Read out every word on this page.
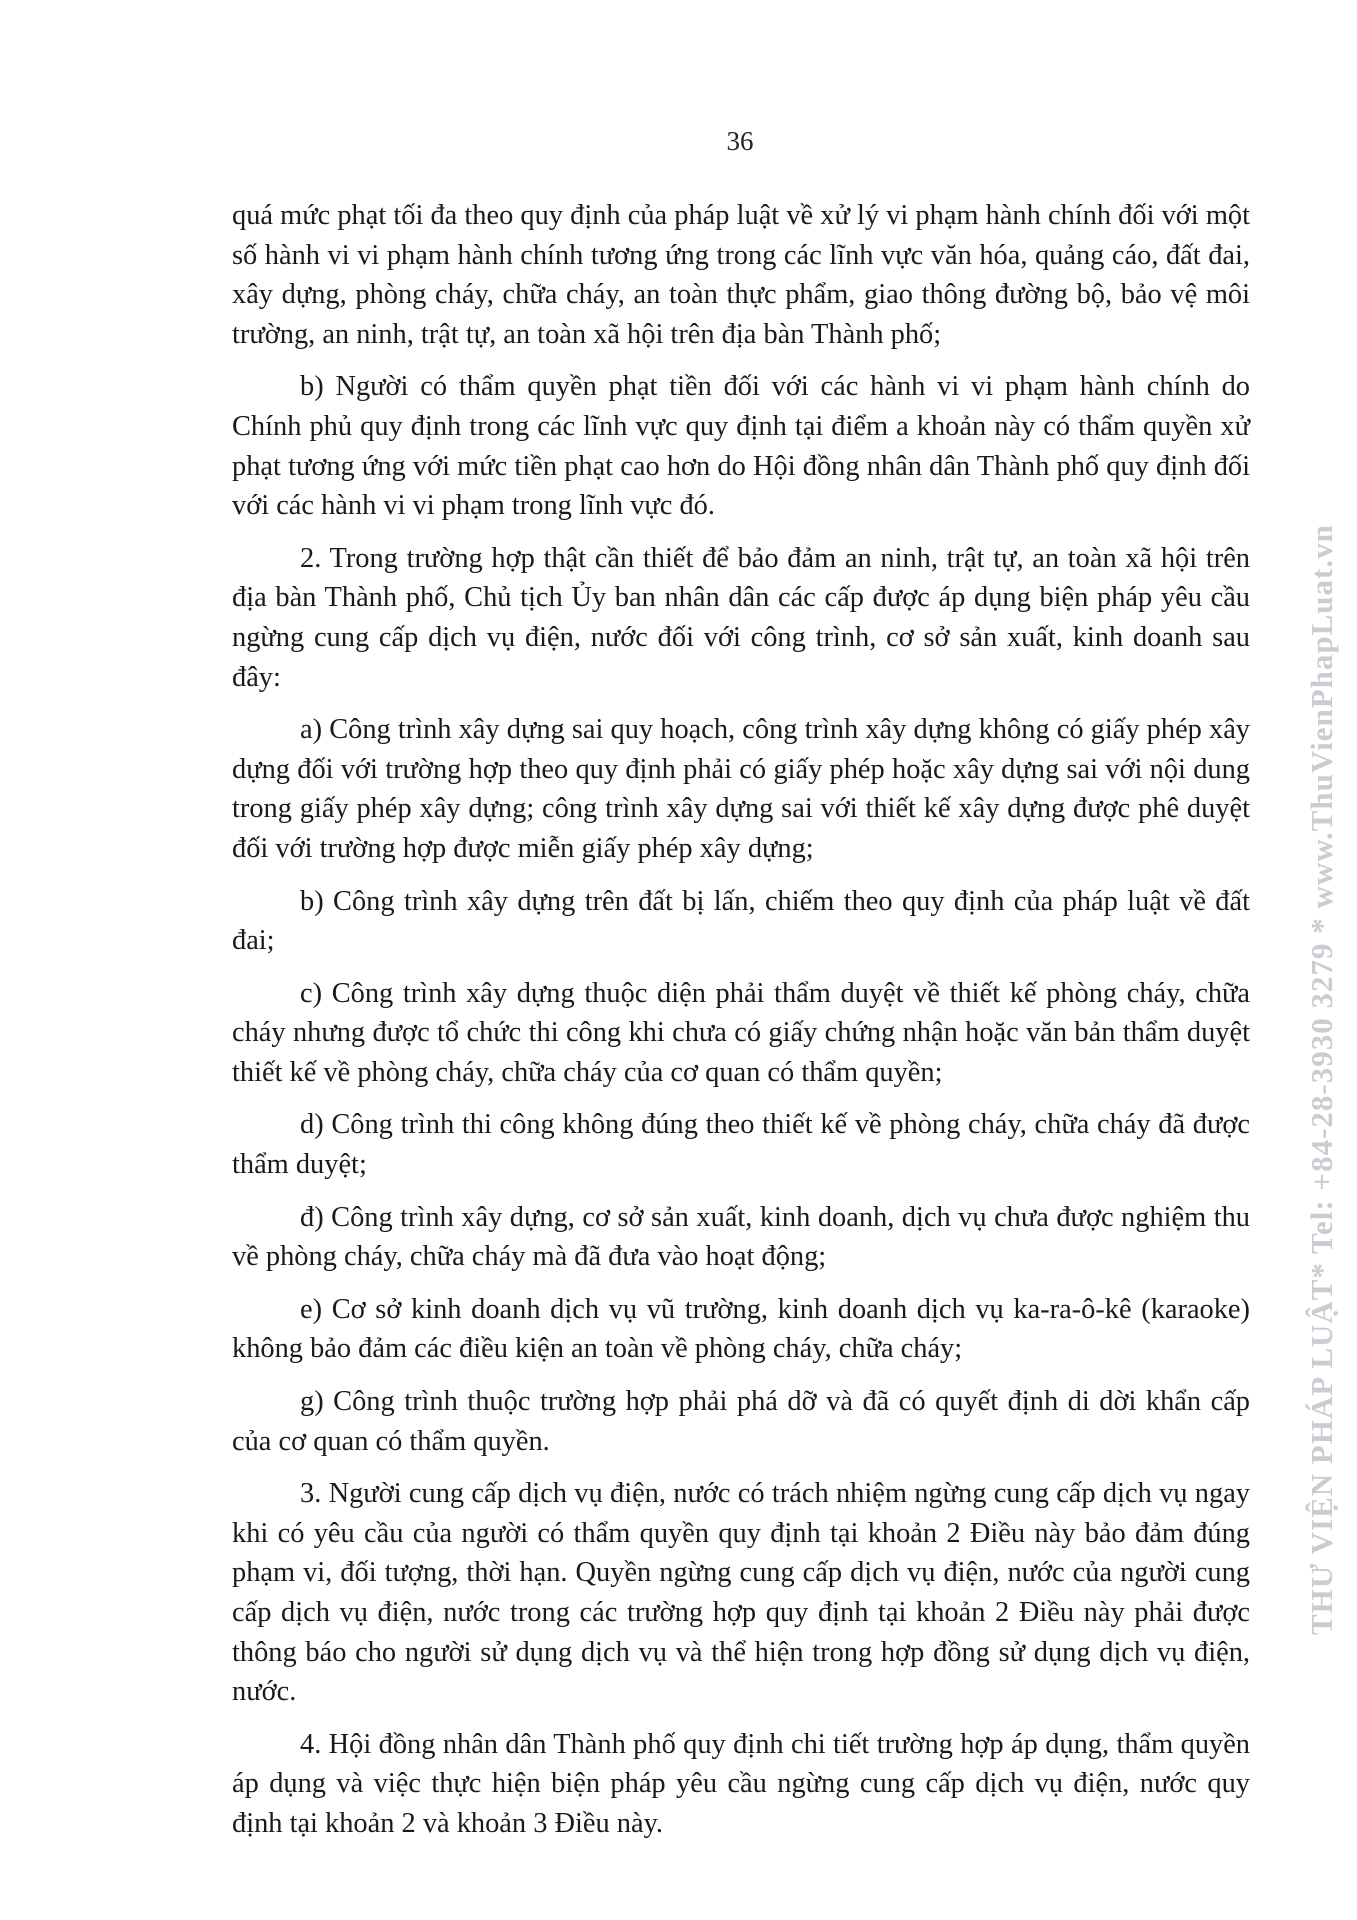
36

quá mức phạt tối đa theo quy định của pháp luật về xử lý vi phạm hành chính đối với một số hành vi vi phạm hành chính tương ứng trong các lĩnh vực văn hóa, quảng cáo, đất đai, xây dựng, phòng cháy, chữa cháy, an toàn thực phẩm, giao thông đường bộ, bảo vệ môi trường, an ninh, trật tự, an toàn xã hội trên địa bàn Thành phố;

b) Người có thẩm quyền phạt tiền đối với các hành vi vi phạm hành chính do Chính phủ quy định trong các lĩnh vực quy định tại điểm a khoản này có thẩm quyền xử phạt tương ứng với mức tiền phạt cao hơn do Hội đồng nhân dân Thành phố quy định đối với các hành vi vi phạm trong lĩnh vực đó.

2. Trong trường hợp thật cần thiết để bảo đảm an ninh, trật tự, an toàn xã hội trên địa bàn Thành phố, Chủ tịch Ủy ban nhân dân các cấp được áp dụng biện pháp yêu cầu ngừng cung cấp dịch vụ điện, nước đối với công trình, cơ sở sản xuất, kinh doanh sau đây:

a) Công trình xây dựng sai quy hoạch, công trình xây dựng không có giấy phép xây dựng đối với trường hợp theo quy định phải có giấy phép hoặc xây dựng sai với nội dung trong giấy phép xây dựng; công trình xây dựng sai với thiết kế xây dựng được phê duyệt đối với trường hợp được miễn giấy phép xây dựng;

b) Công trình xây dựng trên đất bị lấn, chiếm theo quy định của pháp luật về đất đai;

c) Công trình xây dựng thuộc diện phải thẩm duyệt về thiết kế phòng cháy, chữa cháy nhưng được tổ chức thi công khi chưa có giấy chứng nhận hoặc văn bản thẩm duyệt thiết kế về phòng cháy, chữa cháy của cơ quan có thẩm quyền;

d) Công trình thi công không đúng theo thiết kế về phòng cháy, chữa cháy đã được thẩm duyệt;

đ) Công trình xây dựng, cơ sở sản xuất, kinh doanh, dịch vụ chưa được nghiệm thu về phòng cháy, chữa cháy mà đã đưa vào hoạt động;

e) Cơ sở kinh doanh dịch vụ vũ trường, kinh doanh dịch vụ ka-ra-ô-kê (karaoke) không bảo đảm các điều kiện an toàn về phòng cháy, chữa cháy;

g) Công trình thuộc trường hợp phải phá dỡ và đã có quyết định di dời khẩn cấp của cơ quan có thẩm quyền.

3. Người cung cấp dịch vụ điện, nước có trách nhiệm ngừng cung cấp dịch vụ ngay khi có yêu cầu của người có thẩm quyền quy định tại khoản 2 Điều này bảo đảm đúng phạm vi, đối tượng, thời hạn. Quyền ngừng cung cấp dịch vụ điện, nước của người cung cấp dịch vụ điện, nước trong các trường hợp quy định tại khoản 2 Điều này phải được thông báo cho người sử dụng dịch vụ và thể hiện trong hợp đồng sử dụng dịch vụ điện, nước.

4. Hội đồng nhân dân Thành phố quy định chi tiết trường hợp áp dụng, thẩm quyền áp dụng và việc thực hiện biện pháp yêu cầu ngừng cung cấp dịch vụ điện, nước quy định tại khoản 2 và khoản 3 Điều này.

THƯ VIỆN PHÁP LUẬT* Tel: +84-28-3930 3279 * www.ThuVienPhapLuat.vn
